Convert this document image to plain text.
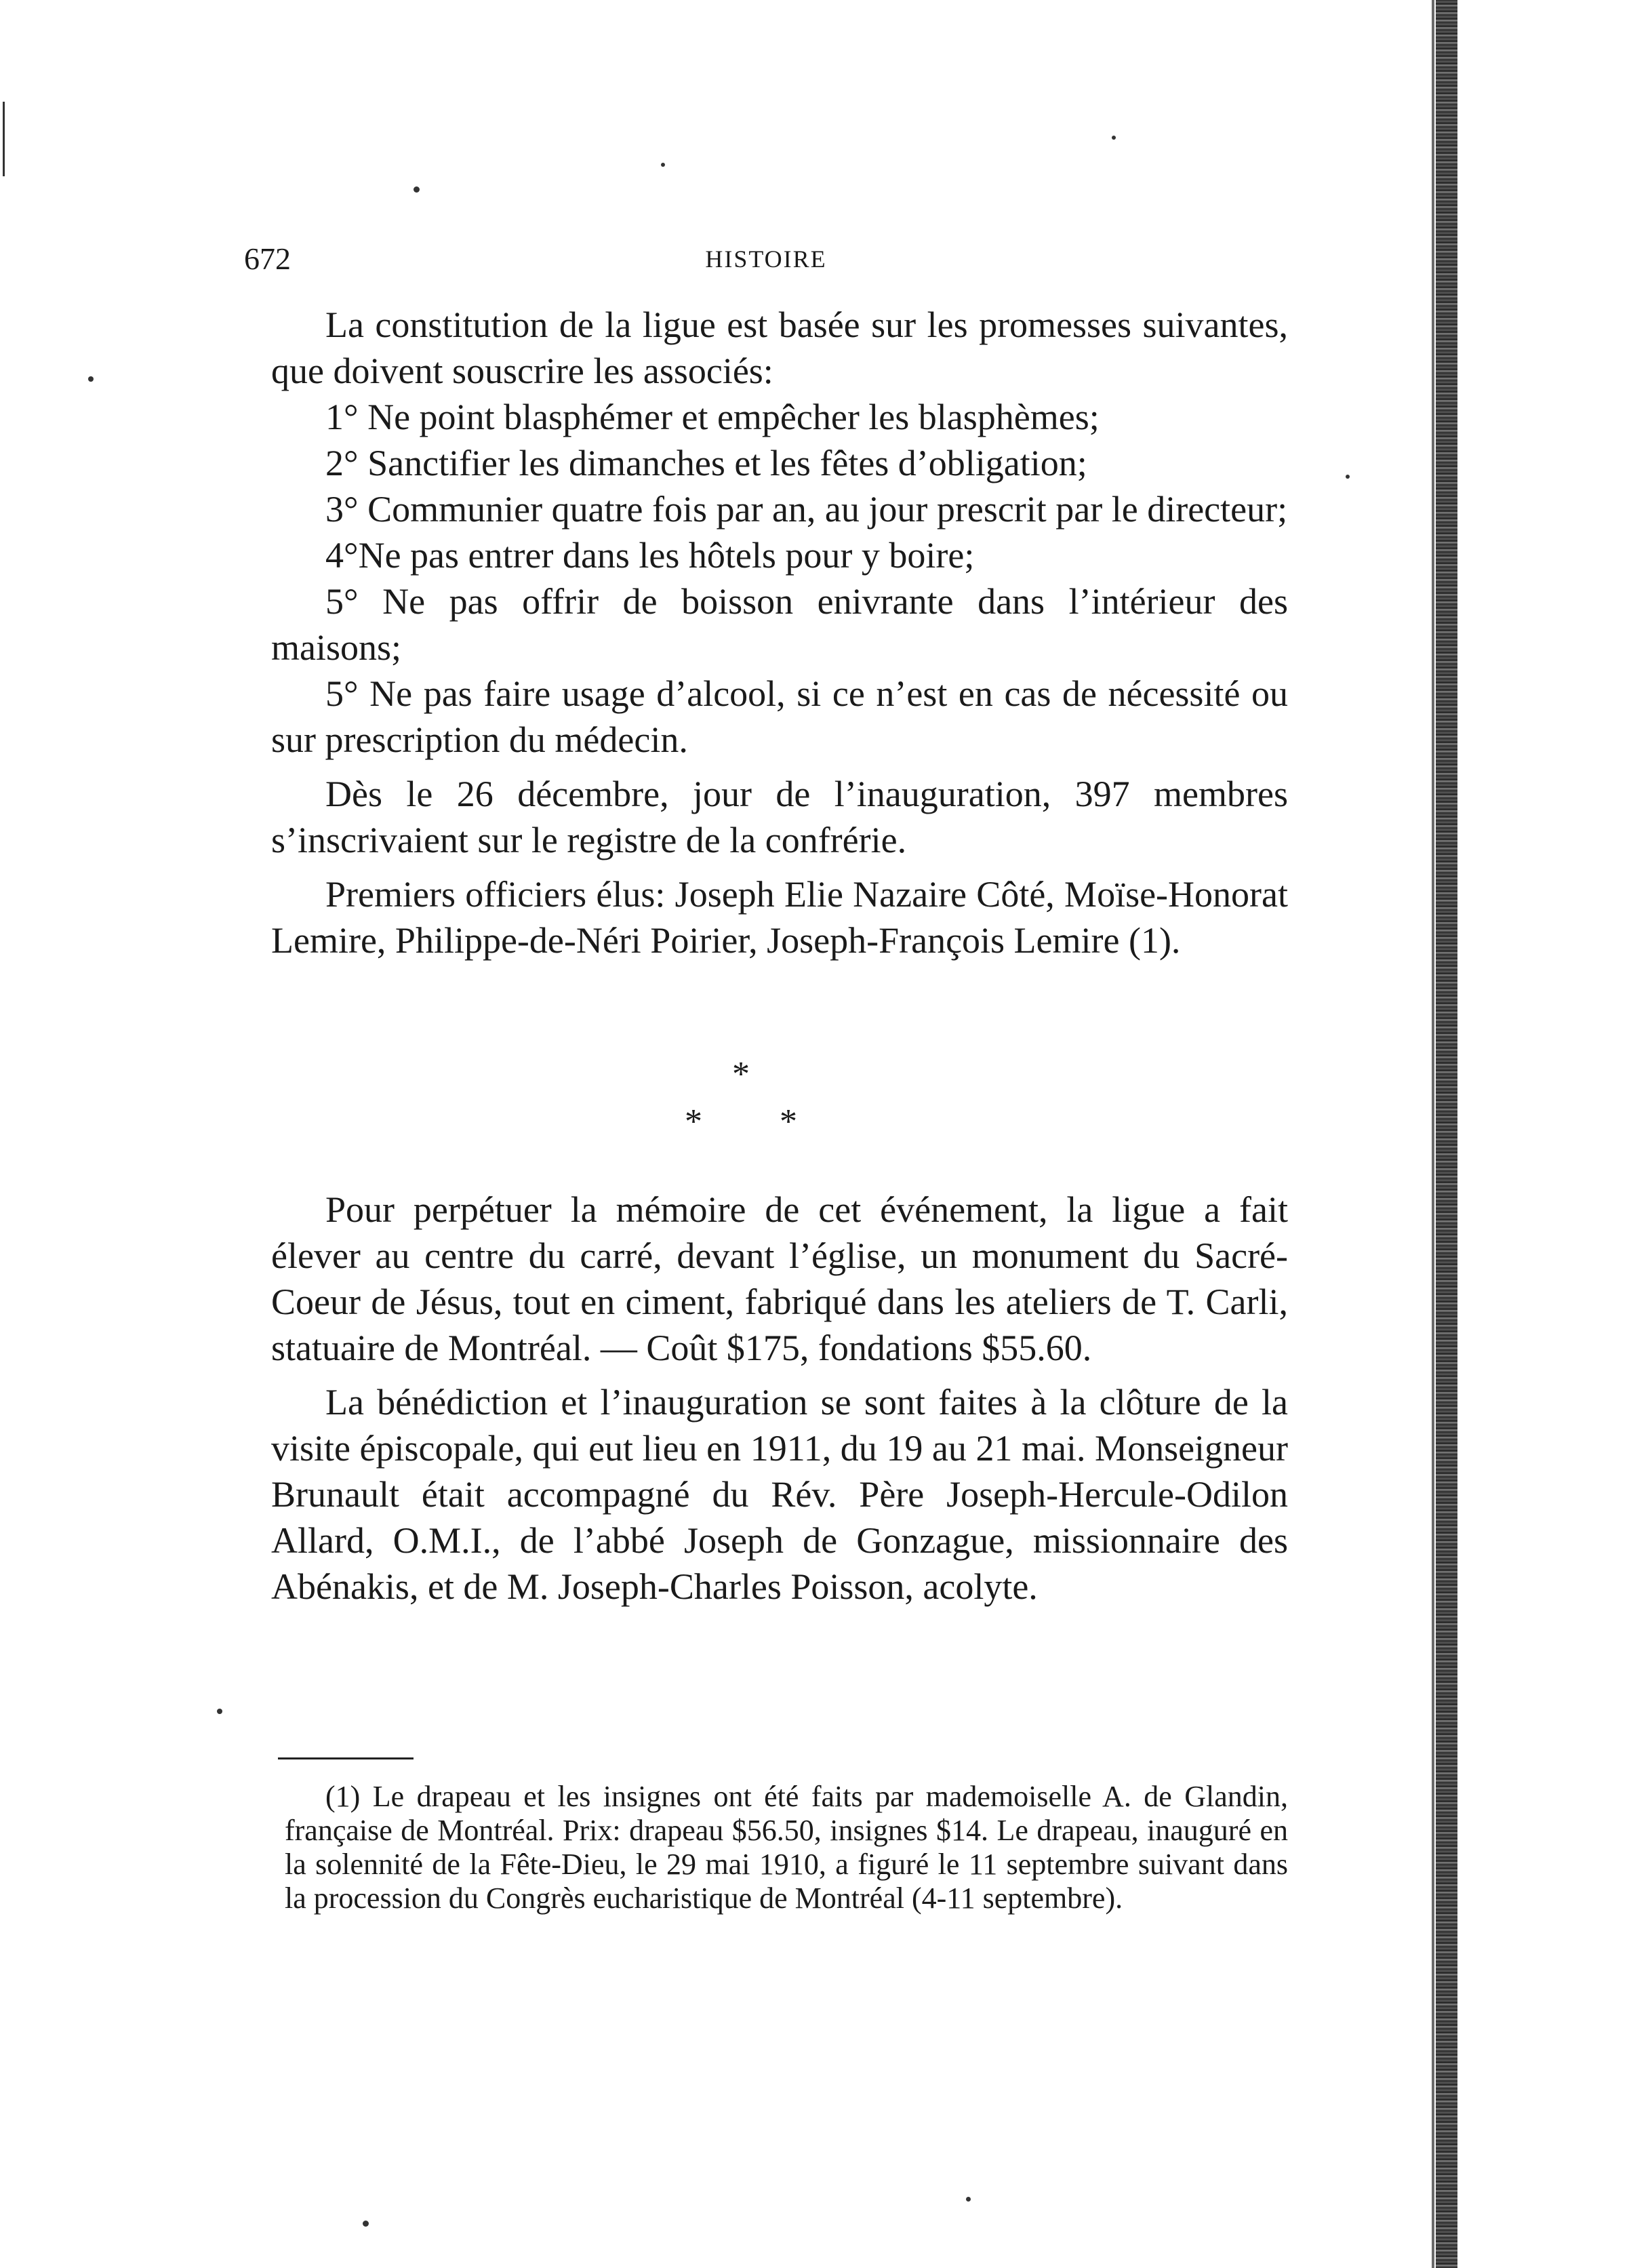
672	HISTOIRE

La constitution de la ligue est basée sur les promesses suivantes, que doivent souscrire les associés:

1° Ne point blasphémer et empêcher les blasphèmes;

2° Sanctifier les dimanches et les fêtes d’obligation;

3° Communier quatre fois par an, au jour prescrit par le directeur;

4°Ne pas entrer dans les hôtels pour y boire;

5° Ne pas offrir de boisson enivrante dans l’intérieur des maisons;

5° Ne pas faire usage d’alcool, si ce n’est en cas de nécessité ou sur prescription du médecin.

Dès le 26 décembre, jour de l’inauguration, 397 membres s’inscrivaient sur le registre de la confrérie.

Premiers officiers élus: Joseph Elie Nazaire Côté, Moïse-Honorat Lemire, Philippe-de-Néri Poirier, Joseph-François Lemire (1).

*
* *

Pour perpétuer la mémoire de cet événement, la ligue a fait élever au centre du carré, devant l’église, un monument du Sacré-Coeur de Jésus, tout en ciment, fabriqué dans les ateliers de T. Carli, statuaire de Montréal. — Coût $175, fondations $55.60.

La bénédiction et l’inauguration se sont faites à la clôture de la visite épiscopale, qui eut lieu en 1911, du 19 au 21 mai. Monseigneur Brunault était accompagné du Rév. Père Joseph-Hercule-Odilon Allard, O.M.I., de l’abbé Joseph de Gonzague, missionnaire des Abénakis, et de M. Joseph-Charles Poisson, acolyte.

(1) Le drapeau et les insignes ont été faits par mademoiselle A. de Glandin, française de Montréal. Prix: drapeau $56.50, insignes $14. Le drapeau, inauguré en la solennité de la Fête-Dieu, le 29 mai 1910, a figuré le 11 septembre suivant dans la procession du Congrès eucharistique de Montréal (4-11 septembre).
